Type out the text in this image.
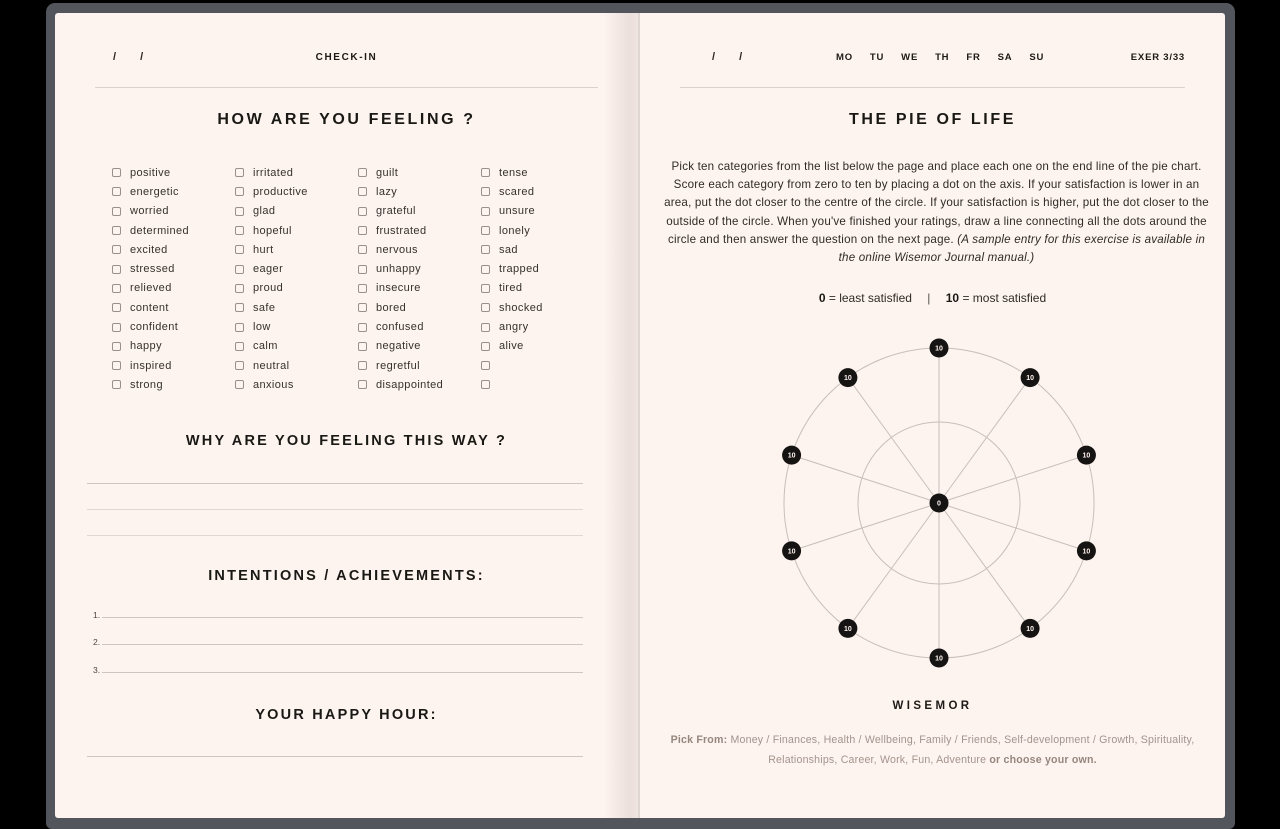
/ /	CHECK-IN
HOW ARE YOU FEELING ?
positive
energetic
worried
determined
excited
stressed
relieved
content
confident
happy
inspired
strong
irritated
productive
glad
hopeful
hurt
eager
proud
safe
low
calm
neutral
anxious
guilt
lazy
grateful
frustrated
nervous
unhappy
insecure
bored
confused
negative
regretful
disappointed
tense
scared
unsure
lonely
sad
trapped
tired
shocked
angry
alive
WHY ARE YOU FEELING THIS WAY ?
INTENTIONS / ACHIEVEMENTS:
1.
2.
3.
YOUR HAPPY HOUR:
/ /	MO TU WE TH FR SA SU	EXER 3/33
THE PIE OF LIFE
Pick ten categories from the list below the page and place each one on the end line of the pie chart. Score each category from zero to ten by placing a dot on the axis. If your satisfaction is lower in an area, put the dot closer to the centre of the circle. If your satisfaction is higher, put the dot closer to the outside of the circle. When you've finished your ratings, draw a line connecting all the dots around the circle and then answer the question on the next page. (A sample entry for this exercise is available in the online Wisemor Journal manual.)
0 = least satisfied | 10 = most satisfied
10
10
10
10
10
10
10
10
10
10
0
WISEMOR
Pick From: Money / Finances, Health / Wellbeing, Family / Friends, Self-development / Growth, Spirituality, Relationships, Career, Work, Fun, Adventure or choose your own.
